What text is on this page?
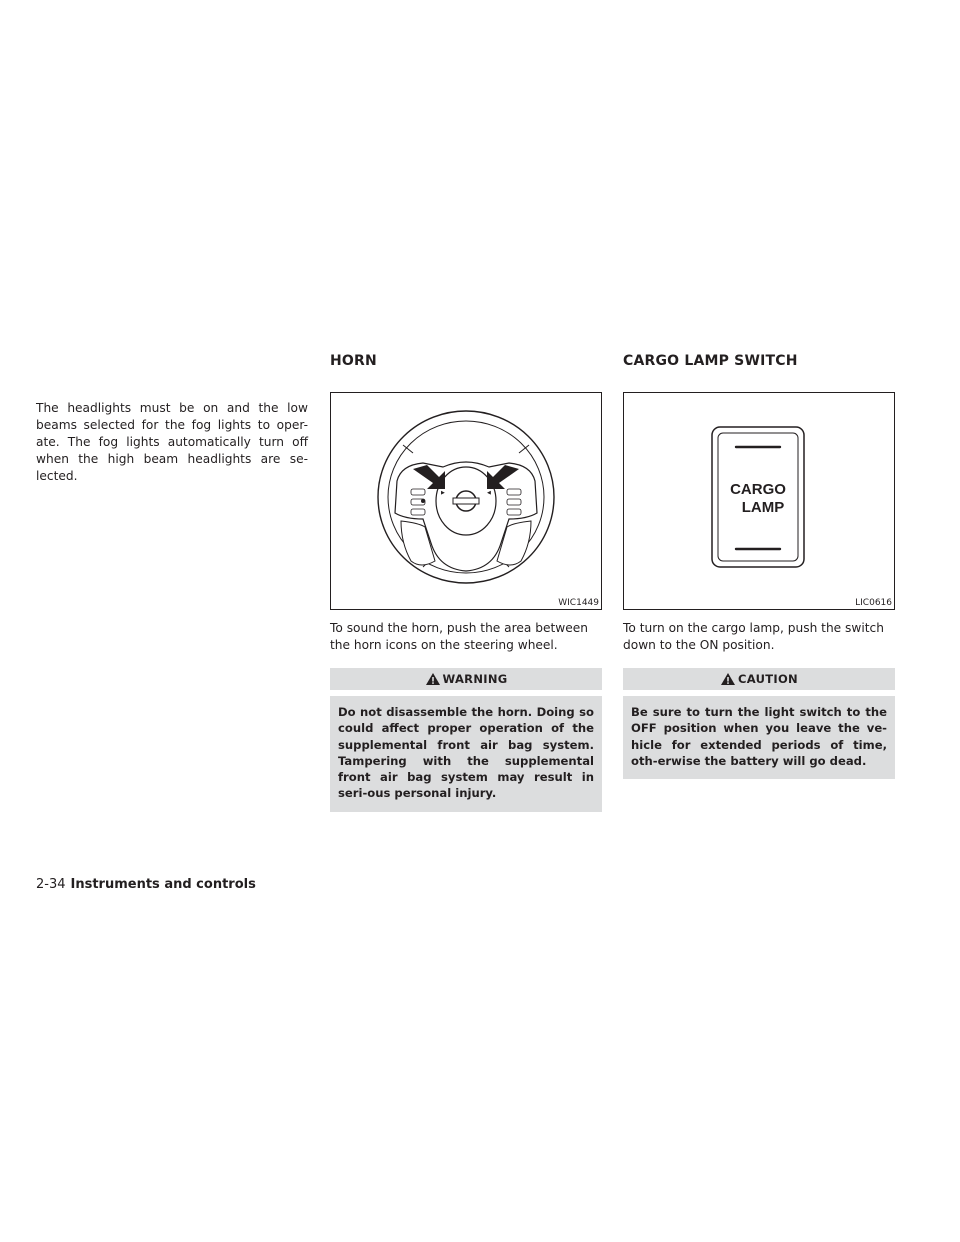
The headlights must be on and the low beams selected for the fog lights to oper-ate. The fog lights automatically turn off when the high beam headlights are se-lected.

HORN
▶	◀
WIC1449

To sound the horn, push the area between the horn icons on the steering wheel.

WARNING
Do not disassemble the horn. Doing so could affect proper operation of the supplemental front air bag system. Tampering with the supplemental front air bag system may result in seri-ous personal injury.
CARGO LAMP SWITCH
CARGO
LAMP
LIC0616

To turn on the cargo lamp, push the switch down to the ON position.

CAUTION
Be sure to turn the light switch to the OFF position when you leave the ve-hicle for extended periods of time, oth-erwise the battery will go dead.
2-34 Instruments and controls
